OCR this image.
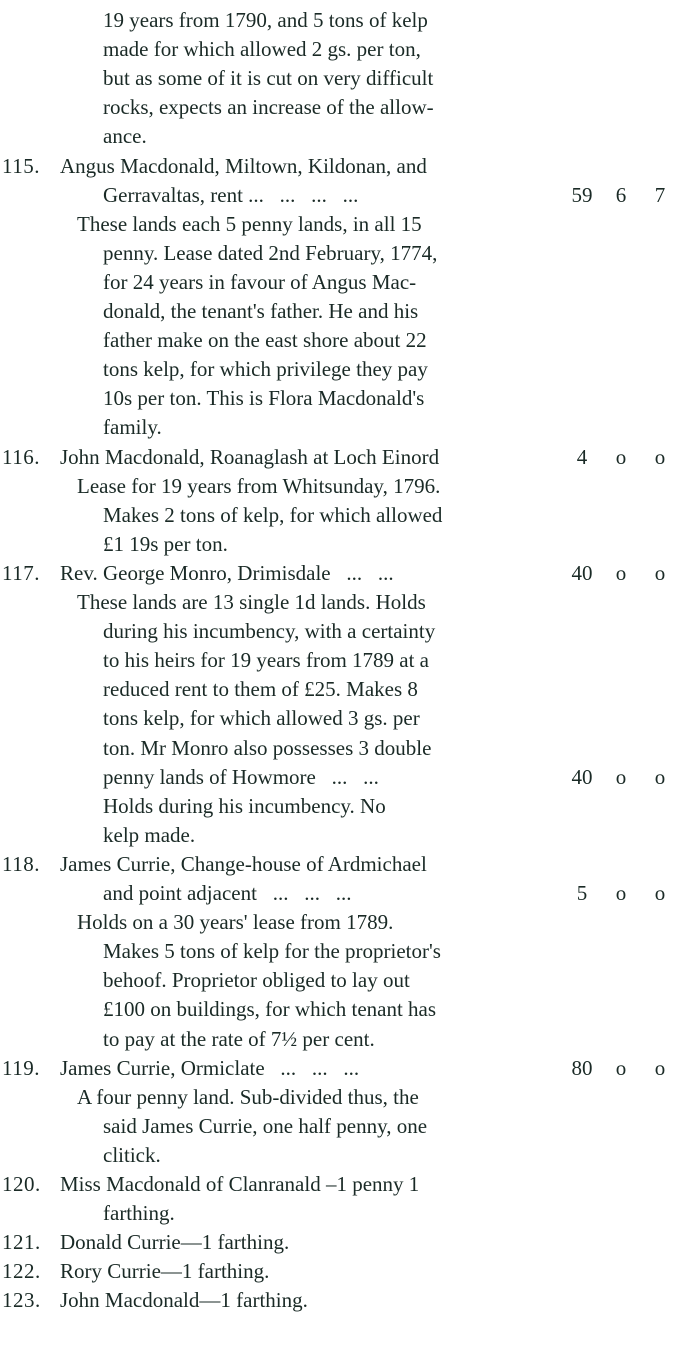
19 years from 1790, and 5 tons of kelp
made for which allowed 2 gs. per ton,
but as some of it is cut on very difficult
rocks, expects an increase of the allow-
ance.
115. Angus Macdonald, Miltown, Kildonan, and
Gerravaltas, rent ...   ...   ...   ...	59	6	7
These lands each 5 penny lands, in all 15
penny. Lease dated 2nd February, 1774,
for 24 years in favour of Angus Mac-
donald, the tenant's father. He and his
father make on the east shore about 22
tons kelp, for which privilege they pay
10s per ton. This is Flora Macdonald's
family.
116. John Macdonald, Roanaglash at Loch Einord	4	o	o
Lease for 19 years from Whitsunday, 1796.
Makes 2 tons of kelp, for which allowed
£1 19s per ton.
117. Rev. George Monro, Drimisdale   ...   ...	40	o	o
These lands are 13 single 1d lands. Holds
during his incumbency, with a certainty
to his heirs for 19 years from 1789 at a
reduced rent to them of £25. Makes 8
tons kelp, for which allowed 3 gs. per
ton. Mr Monro also possesses 3 double
penny lands of Howmore   ...   ...	40	o	o
Holds during his incumbency. No
kelp made.
118. James Currie, Change-house of Ardmichael
and point adjacent   ...   ...   ...	5	o	o
Holds on a 30 years' lease from 1789.
Makes 5 tons of kelp for the proprietor's
behoof. Proprietor obliged to lay out
£100 on buildings, for which tenant has
to pay at the rate of 7½ per cent.
119. James Currie, Ormiclate   ...   ...   ...	80	o	o
A four penny land. Sub-divided thus, the
said James Currie, one half penny, one
clitick.
120. Miss Macdonald of Clanranald –1 penny 1
farthing.
121. Donald Currie—1 farthing.
122. Rory Currie—1 farthing.
123. John Macdonald—1 farthing.
